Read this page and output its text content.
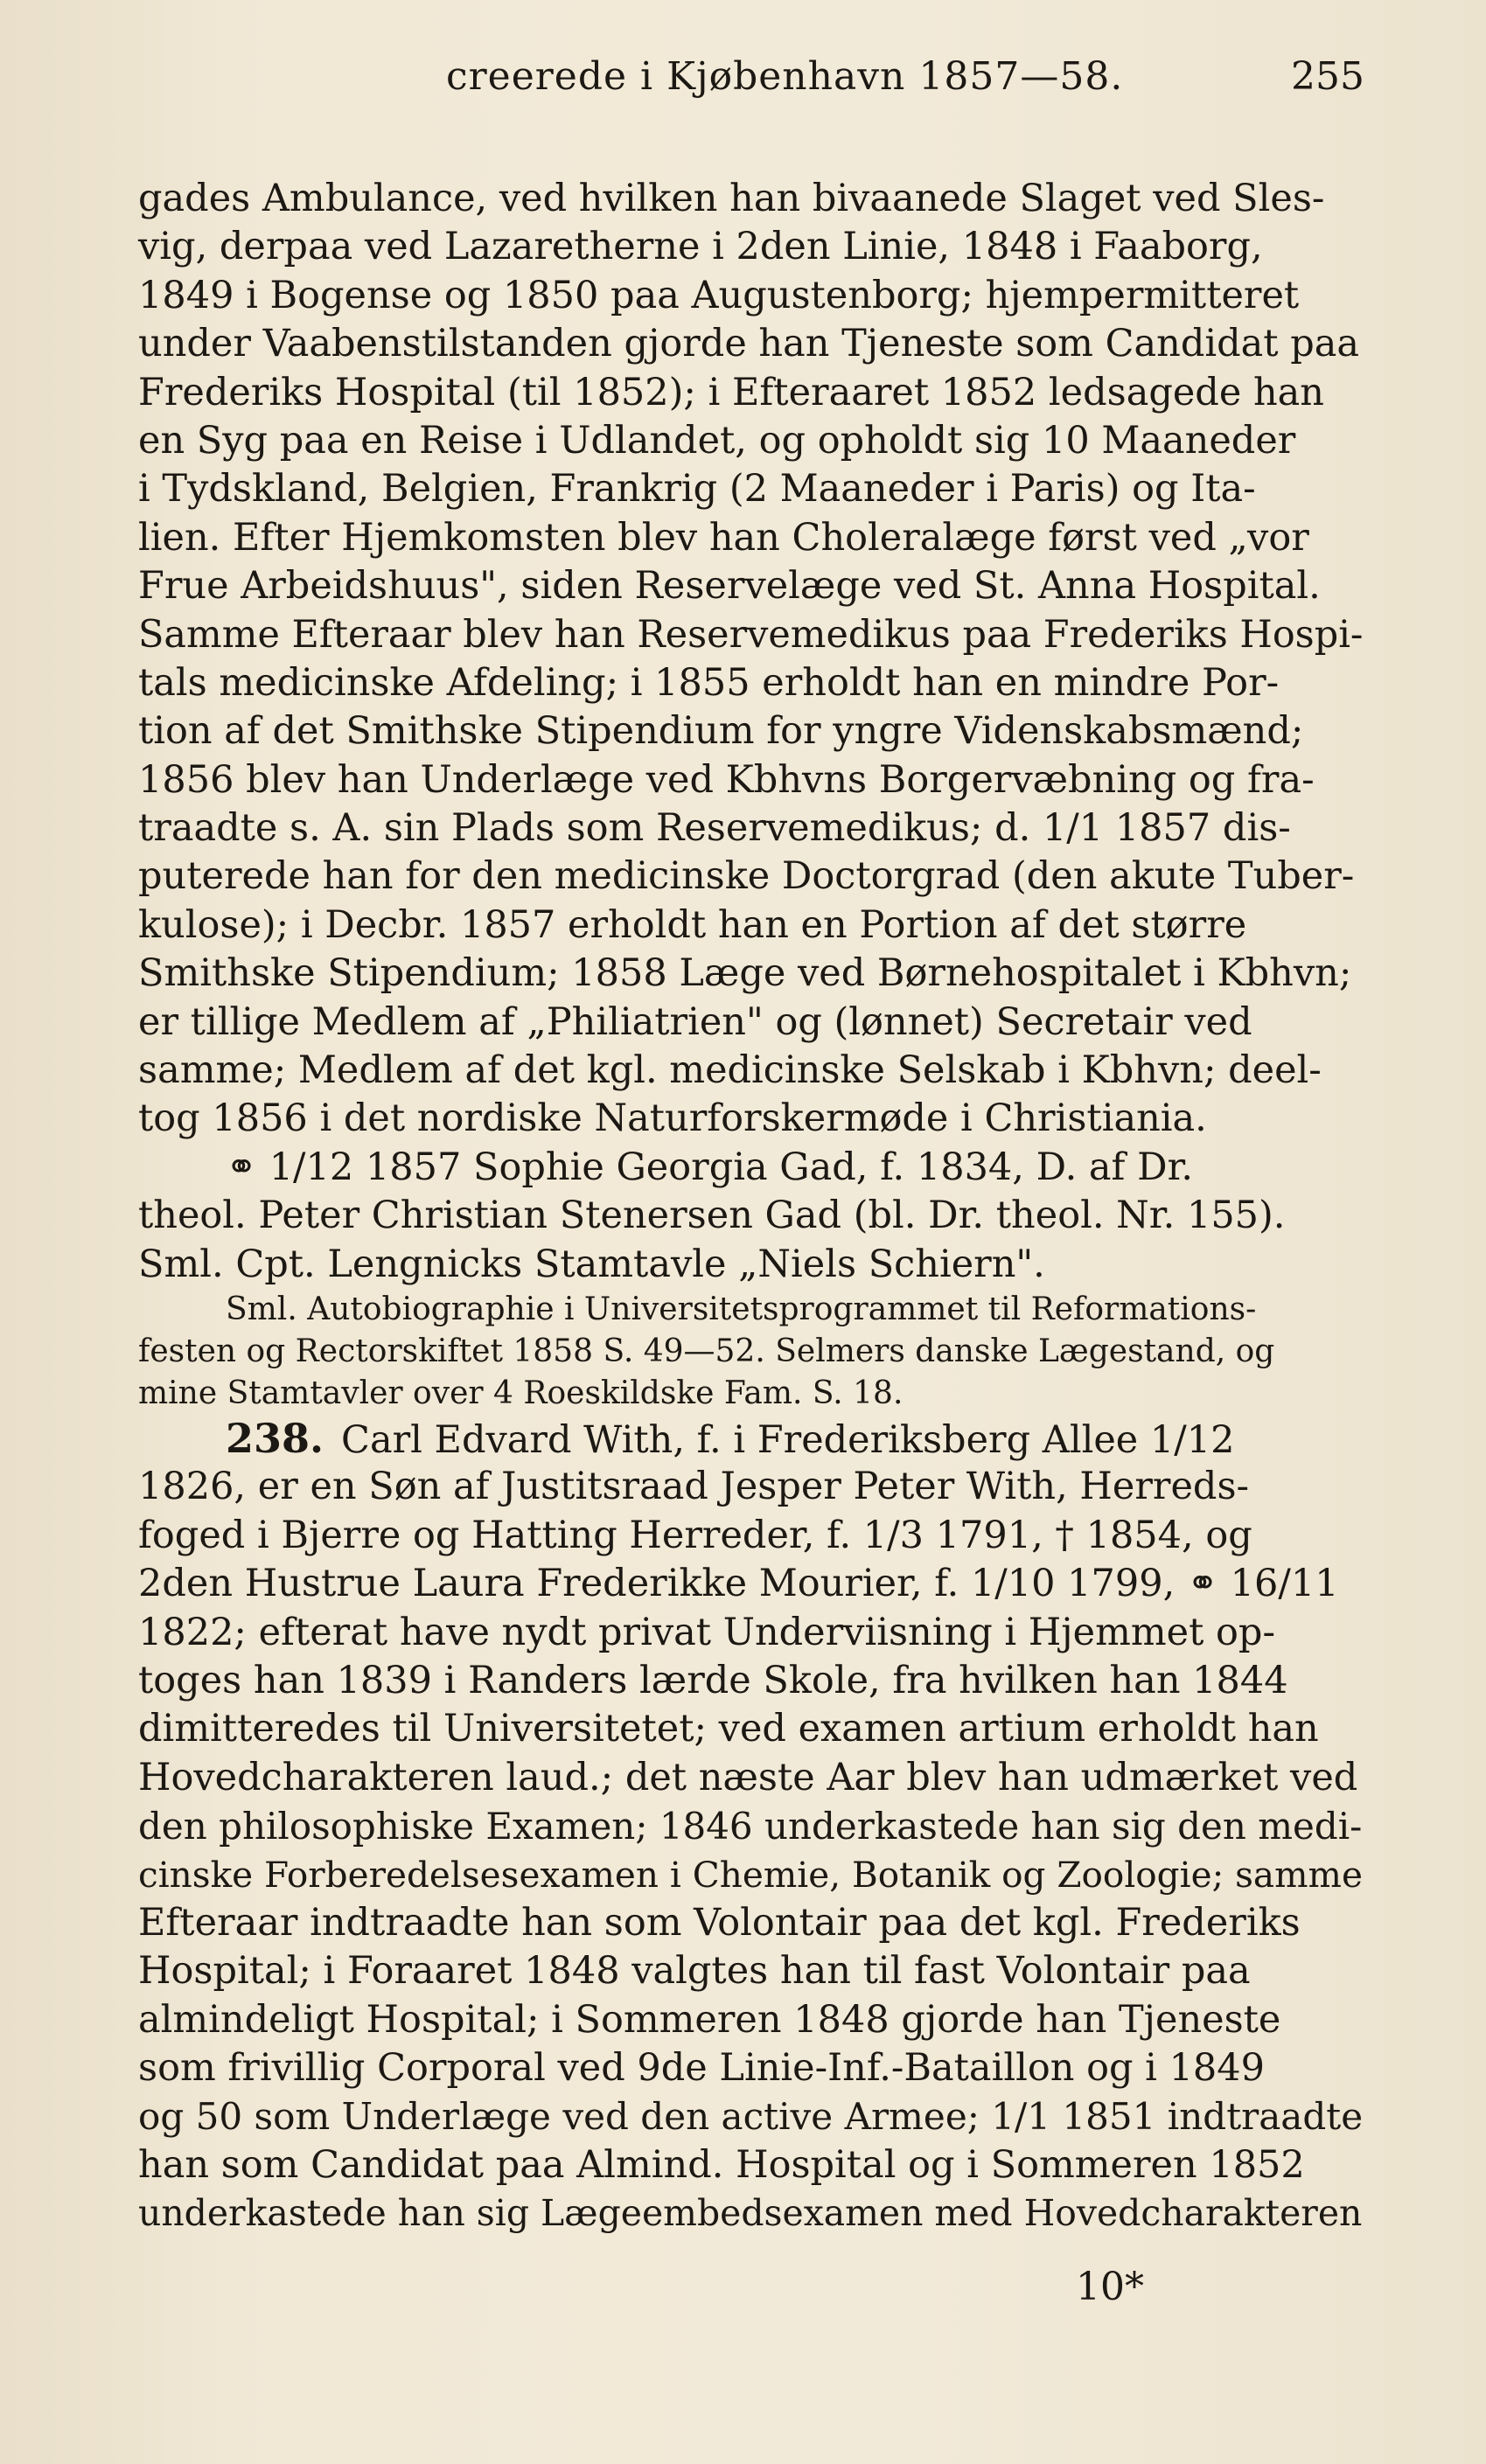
creerede i Kjøbenhavn 1857—58.	255
gades Ambulance, ved hvilken han bivaanede Slaget ved Sles-
vig, derpaa ved Lazaretherne i 2den Linie, 1848 i Faaborg,
1849 i Bogense og 1850 paa Augustenborg; hjempermitteret
under Vaabenstilstanden gjorde han Tjeneste som Candidat paa
Frederiks Hospital (til 1852); i Efteraaret 1852 ledsagede han
en Syg paa en Reise i Udlandet, og opholdt sig 10 Maaneder
i Tydskland, Belgien, Frankrig (2 Maaneder i Paris) og Ita-
lien. Efter Hjemkomsten blev han Choleralæge først ved „vor
Frue Arbeidshuus", siden Reservelæge ved St. Anna Hospital.
Samme Efteraar blev han Reservemedikus paa Frederiks Hospi-
tals medicinske Afdeling; i 1855 erholdt han en mindre Por-
tion af det Smithske Stipendium for yngre Videnskabsmænd;
1856 blev han Underlæge ved Kbhvns Borgervæbning og fra-
traadte s. A. sin Plads som Reservemedikus; d. 1/1 1857 dis-
puterede han for den medicinske Doctorgrad (den akute Tuber-
kulose); i Decbr. 1857 erholdt han en Portion af det større
Smithske Stipendium; 1858 Læge ved Børnehospitalet i Kbhvn;
er tillige Medlem af „Philiatrien" og (lønnet) Secretair ved
samme; Medlem af det kgl. medicinske Selskab i Kbhvn; deel-
tog 1856 i det nordiske Naturforskermøde i Christiania.
⚭ 1/12 1857 Sophie Georgia Gad, f. 1834, D. af Dr.
theol. Peter Christian Stenersen Gad (bl. Dr. theol. Nr. 155).
Sml. Cpt. Lengnicks Stamtavle „Niels Schiern".
Sml. Autobiographie i Universitetsprogrammet til Reformations-
festen og Rectorskiftet 1858 S. 49—52. Selmers danske Lægestand, og
mine Stamtavler over 4 Roeskildske Fam. S. 18.
238. Carl Edvard With, f. i Frederiksberg Allee 1/12
1826, er en Søn af Justitsraad Jesper Peter With, Herreds-
foged i Bjerre og Hatting Herreder, f. 1/3 1791, † 1854, og
2den Hustrue Laura Frederikke Mourier, f. 1/10 1799, ⚭ 16/11
1822; efterat have nydt privat Underviisning i Hjemmet op-
toges han 1839 i Randers lærde Skole, fra hvilken han 1844
dimitteredes til Universitetet; ved examen artium erholdt han
Hovedcharakteren laud.; det næste Aar blev han udmærket ved
den philosophiske Examen; 1846 underkastede han sig den medi-
cinske Forberedelsesexamen i Chemie, Botanik og Zoologie; samme
Efteraar indtraadte han som Volontair paa det kgl. Frederiks
Hospital; i Foraaret 1848 valgtes han til fast Volontair paa
almindeligt Hospital; i Sommeren 1848 gjorde han Tjeneste
som frivillig Corporal ved 9de Linie-Inf.-Bataillon og i 1849
og 50 som Underlæge ved den active Armee; 1/1 1851 indtraadte
han som Candidat paa Almind. Hospital og i Sommeren 1852
underkastede han sig Lægeembedsexamen med Hovedcharakteren
10*
